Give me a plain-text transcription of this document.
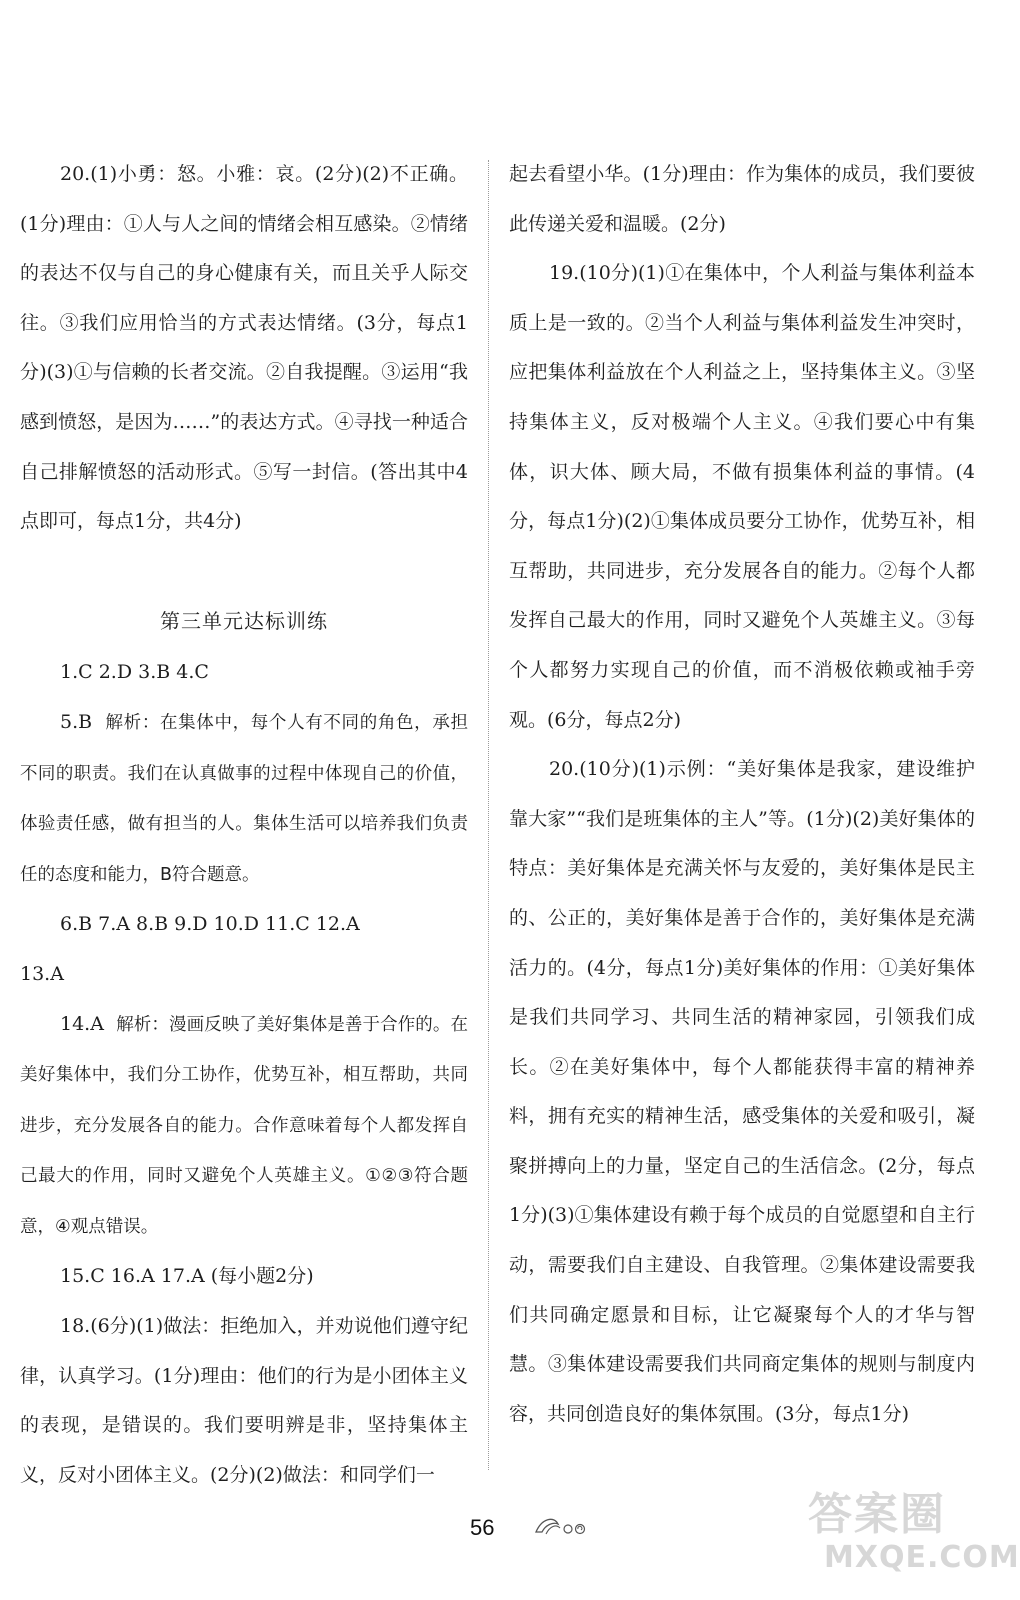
20.(1)小勇：怒。小雅：哀。(2分)(2)不正确。(1分)理由：①人与人之间的情绪会相互感染。②情绪的表达不仅与自己的身心健康有关，而且关乎人际交往。③我们应用恰当的方式表达情绪。(3分，每点1分)(3)①与信赖的长者交流。②自我提醒。③运用“我感到愤怒，是因为……”的表达方式。④寻找一种适合自己排解愤怒的活动形式。⑤写一封信。(答出其中4点即可，每点1分，共4分)

第三单元达标训练

1.C 2.D 3.B 4.C

5.B 解析：在集体中，每个人有不同的角色，承担不同的职责。我们在认真做事的过程中体现自己的价值，体验责任感，做有担当的人。集体生活可以培养我们负责任的态度和能力，B符合题意。

6.B 7.A 8.B 9.D 10.D 11.C 12.A

13.A

14.A 解析：漫画反映了美好集体是善于合作的。在美好集体中，我们分工协作，优势互补，相互帮助，共同进步，充分发展各自的能力。合作意味着每个人都发挥自己最大的作用，同时又避免个人英雄主义。①②③符合题意，④观点错误。

15.C 16.A 17.A (每小题2分)

18.(6分)(1)做法：拒绝加入，并劝说他们遵守纪律，认真学习。(1分)理由：他们的行为是小团体主义的表现，是错误的。我们要明辨是非，坚持集体主义，反对小团体主义。(2分)(2)做法：和同学们一

起去看望小华。(1分)理由：作为集体的成员，我们要彼此传递关爱和温暖。(2分)

19.(10分)(1)①在集体中，个人利益与集体利益本质上是一致的。②当个人利益与集体利益发生冲突时，应把集体利益放在个人利益之上，坚持集体主义。③坚持集体主义，反对极端个人主义。④我们要心中有集体，识大体、顾大局，不做有损集体利益的事情。(4分，每点1分)(2)①集体成员要分工协作，优势互补，相互帮助，共同进步，充分发展各自的能力。②每个人都发挥自己最大的作用，同时又避免个人英雄主义。③每个人都努力实现自己的价值，而不消极依赖或袖手旁观。(6分，每点2分)

20.(10分)(1)示例：“美好集体是我家，建设维护靠大家”“我们是班集体的主人”等。(1分)(2)美好集体的特点：美好集体是充满关怀与友爱的，美好集体是民主的、公正的，美好集体是善于合作的，美好集体是充满活力的。(4分，每点1分)美好集体的作用：①美好集体是我们共同学习、共同生活的精神家园，引领我们成长。②在美好集体中，每个人都能获得丰富的精神养料，拥有充实的精神生活，感受集体的关爱和吸引，凝聚拼搏向上的力量，坚定自己的生活信念。(2分，每点1分)(3)①集体建设有赖于每个成员的自觉愿望和自主行动，需要我们自主建设、自我管理。②集体建设需要我们共同确定愿景和目标，让它凝聚每个人的才华与智慧。③集体建设需要我们共同商定集体的规则与制度内容，共同创造良好的集体氛围。(3分，每点1分)

56	答案圈
MXQE.COM
